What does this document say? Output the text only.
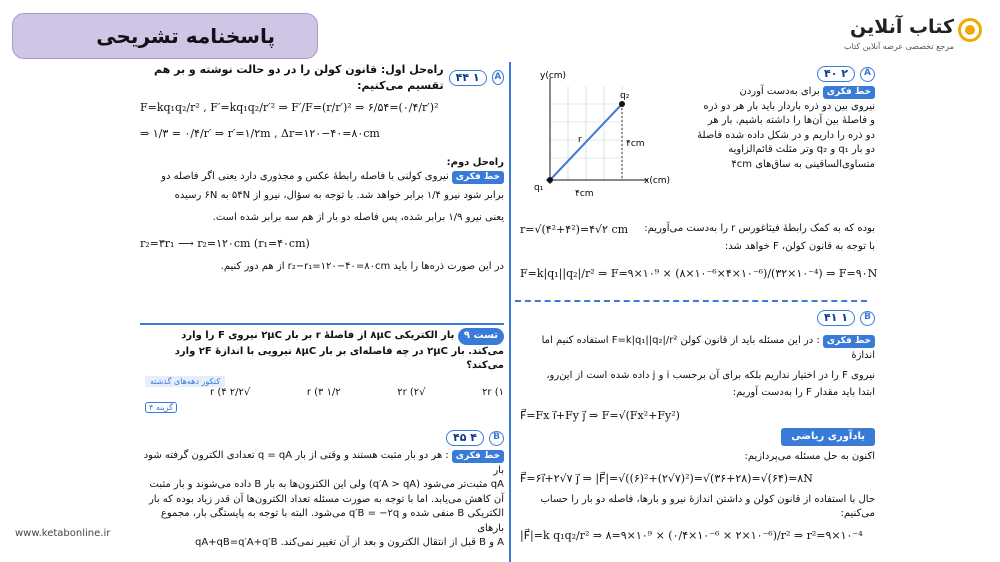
پاسخنامه تشریحی	کتاب آنلاین
مرجع تخصصی عرضه آنلاین کتاب
A
۴۴
۱
راه‌حل اول: قانون کولن را در دو حالت نوشته و بر هم تقسیم می‌کنیم:
F=kq₁q₂/r² , F′=kq₁q₂/r′² ⇒ F′/F=(r/r′)² ⇒ ۶/۵۴=(۰/۴/r′)²
⇒ ۱/۳ = ۰/۴/r′ ⇒ r′=۱/۲m , Δr=۱۲۰−۴۰=۸۰cm
راه‌حل دوم:
خط فکرینیروی کولنی با فاصله رابطهٔ عکس و مجذوری دارد یعنی اگر فاصله دو
برابر شود نیرو ۱/۴ برابر خواهد شد. با توجه به سؤال، نیرو از ۵۴N به ۶N رسیده
یعنی نیرو ۱/۹ برابر شده، پس فاصله دو بار از هم سه برابر شده است.
r₂=۳r₁ ⟶ r₂=۱۲۰cm (r₁=۴۰cm)
در این صورت ذره‌ها را باید r₂−r₁=۱۲۰−۴۰=۸۰cm از هم دور کنیم.
تست ۹ بار الکتریکی ۸μC از فاصلهٔ r بر بار ۲μC نیروی F را وارد
می‌کند. بار ۲μC در چه فاصله‌ای بر بار ۸μC نیرویی با اندازهٔ ۲F وارد
می‌کند؟
۲r (۱
√۲r (۲
۱/۲ r (۳
√۲/۲ r (۴
کنکور دهه‌های گذشته
گزینه ۴
B
۴۵
۴
خط فکری: هر دو بار مثبت هستند و وقتی از بار q = qA تعدادی الکترون گرفته شود بار
qA مثبت‌تر می‌شود (q′A > qA) ولی این الکترون‌ها به بار B داده می‌شوند و بار مثبت
آن کاهش می‌یابد. اما با توجه به صورت مسئله تعداد الکترون‌ها آن قدر زیاد بوده که بار
الکتریکی B منفی شده و q′B = −۲q می‌شود. البته با توجه به پایستگی بار، مجموع بارهای
A و B قبل از انتقال الکترون و بعد از آن تغییر نمی‌کند. qA+qB=q′A+q′B
y(cm)
x(cm)
q₁
q₂
r	۴cm
۴cm
A
۴۰
۲
خط فکریبرای به‌دست آوردن
نیروی بین دو ذره باردار باید بار هر دو ذره
و فاصلهٔ بین آن‌ها را داشته باشیم. بار هر
دو ذره را داریم و در شکل داده شده فاصلهٔ
دو بار q₁ و q₂ وتر مثلث قائم‌الزاویه
متساوی‌الساقینی به ساق‌های ۴cm
بوده که به کمک رابطهٔ فیثاغورس r را به‌دست می‌آوریم:
r=√(۴²+۴²)=۴√۲ cm
با توجه به قانون کولن، F خواهد شد:
F=k|q₁||q₂|/r² ⇒ F=۹×۱۰⁹ × (۸×۱۰⁻⁶×۴×۱۰⁻⁶)/(۳۲×۱۰⁻⁴) ⇒ F=۹۰N
B
۴۱
۱
خط فکری: در این مسئله باید از قانون کولن F=k|q₁||q₂|/r² استفاده کنیم اما اندازهٔ
نیروی F را در اختیار نداریم بلکه برای آن برحسب i و j داده شده است از این‌رو،
ابتدا باید مقدار F را به‌دست آوریم:
F⃗=Fx i⃗+Fy j⃗ ⇒ F=√(Fx²+Fy²)
یادآوری ریاضی
اکنون به حل مسئله می‌پردازیم:
F⃗=۶i⃗+۲√۷ j⃗ ⇒ |F⃗|=√((۶)²+(۲√۷)²)=√(۳۶+۲۸)=√(۶۴)=۸N
حال با استفاده از قانون کولن و داشتن اندازهٔ نیرو و بارها، فاصله دو بار را حساب می‌کنیم:
|F⃗|=k q₁q₂/r² ⇒ ۸=۹×۱۰⁹ × (۰/۴×۱۰⁻⁶ × ۲×۱۰⁻⁶)/r² ⇒ r²=۹×۱۰⁻⁴
www.ketabonline.ir
